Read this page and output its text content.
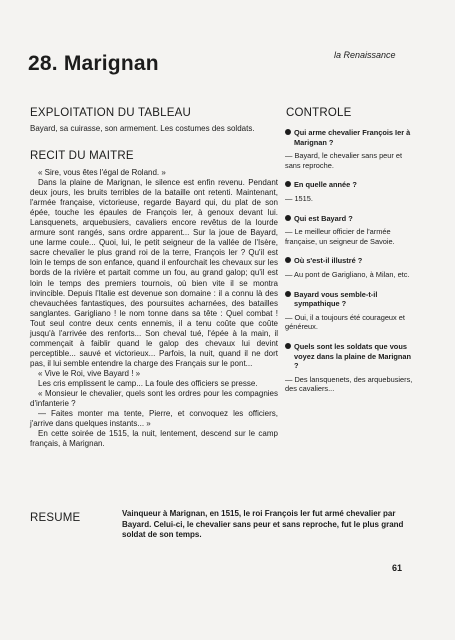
28. Marignan	la Renaissance
EXPLOITATION DU TABLEAU
Bayard, sa cuirasse, son armement. Les costumes des soldats.
RECIT DU MAITRE

« Sire, vous êtes l'égal de Roland. »

Dans la plaine de Marignan, le silence est enfin revenu. Pendant deux jours, les bruits terribles de la bataille ont retenti. Maintenant, l'armée française, victorieuse, regarde Bayard qui, du plat de son épée, touche les épaules de François Ier, à genoux devant lui. Lansquenets, arquebusiers, cavaliers encore revêtus de la lourde armure sont rangés, sans ordre apparent... Sur la joue de Bayard, une larme coule... Quoi, lui, le petit seigneur de la vallée de l'Isère, sacre chevalier le plus grand roi de la terre, François Ier ? Qu'il est loin le temps de son enfance, quand il enfourchait les chevaux sur les bords de la rivière et partait comme un fou, au grand galop; qu'il est loin le temps des premiers tournois, où bien vite il se montra invincible. Depuis l'Italie est devenue son domaine : il a connu là des chevauchées fantastiques, des poursuites acharnées, des batailles sanglantes. Garigliano ! le nom tonne dans sa tête : Quel combat ! Tout seul contre deux cents ennemis, il a tenu coûte que coûte jusqu'à l'arrivée des renforts... Son cheval tué, l'épée à la main, il commençait à faiblir quand le galop des chevaux lui devint perceptible... sauvé et victorieux... Parfois, la nuit, quand il ne dort pas, il lui semble entendre la charge des Français sur le pont...

« Vive le Roi, vive Bayard ! »

Les cris emplissent le camp... La foule des officiers se presse.

« Monsieur le chevalier, quels sont les ordres pour les compagnies d'infanterie ?

— Faites monter ma tente, Pierre, et convoquez les officiers, j'arrive dans quelques instants... »

En cette soirée de 1515, la nuit, lentement, descend sur le camp français, à Marignan.

CONTROLE
Qui arme chevalier François Ier à Marignan ?
— Bayard, le chevalier sans peur et sans reproche.
En quelle année ?
— 1515.
Qui est Bayard ?
— Le meilleur officier de l'armée française, un seigneur de Savoie.
Où s'est-il illustré ?
— Au pont de Garigliano, à Milan, etc.
Bayard vous semble-t-il sympathique ?
— Oui, il a toujours été courageux et généreux.
Quels sont les soldats que vous voyez dans la plaine de Marignan ?
— Des lansquenets, des arquebusiers, des cavaliers...
RESUME	Vainqueur à Marignan, en 1515, le roi François Ier fut armé chevalier par Bayard. Celui-ci, le chevalier sans peur et sans reproche, fut le plus grand soldat de son temps.
61
